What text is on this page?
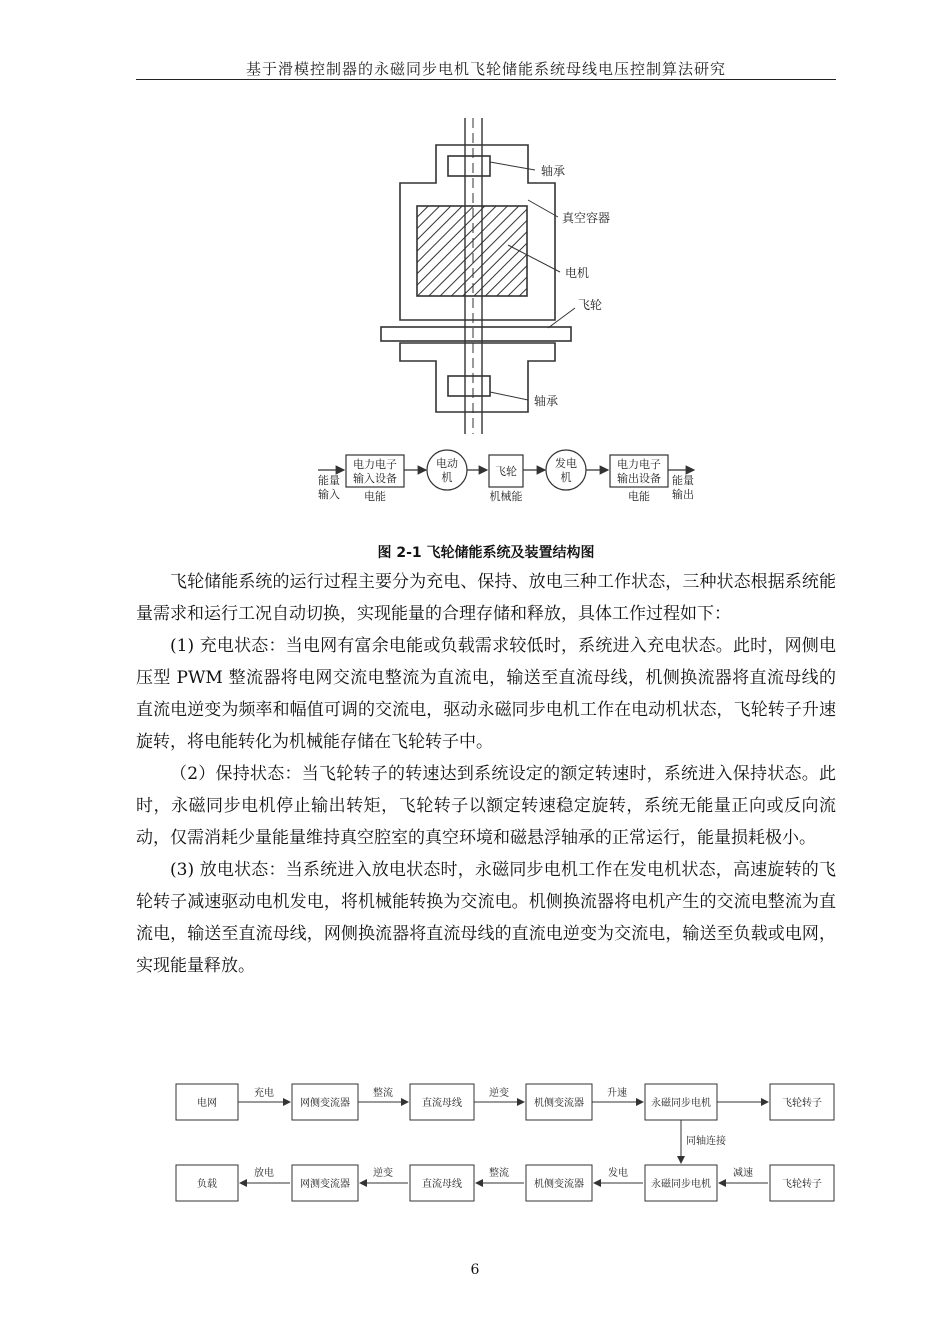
基于滑模控制器的永磁同步电机飞轮储能系统母线电压控制算法研究
轴承
真空容器
电机
飞轮
轴承
能量
输入
电力电子
输入设备
电能
电动
机	飞轮
机械能
发电
机
电力电子
输出设备
电能
能量
输出
图 2-1 飞轮储能系统及装置结构图

飞轮储能系统的运行过程主要分为充电、保持、放电三种工作状态，三种状态根据系统能量需求和运行工况自动切换，实现能量的合理存储和释放，具体工作过程如下：

(1) 充电状态：当电网有富余电能或负载需求较低时，系统进入充电状态。此时，网侧电压型 PWM 整流器将电网交流电整流为直流电，输送至直流母线，机侧换流器将直流母线的直流电逆变为频率和幅值可调的交流电，驱动永磁同步电机工作在电动机状态，飞轮转子升速旋转，将电能转化为机械能存储在飞轮转子中。

（2）保持状态：当飞轮转子的转速达到系统设定的额定转速时，系统进入保持状态。此时，永磁同步电机停止输出转矩，飞轮转子以额定转速稳定旋转，系统无能量正向或反向流动，仅需消耗少量能量维持真空腔室的真空环境和磁悬浮轴承的正常运行，能量损耗极小。

(3) 放电状态：当系统进入放电状态时，永磁同步电机工作在发电机状态，高速旋转的飞轮转子减速驱动电机发电，将机械能转换为交流电。机侧换流器将电机产生的交流电整流为直流电，输送至直流母线，网侧换流器将直流母线的直流电逆变为交流电，输送至负载或电网，实现能量释放。

电网	网侧变流器	直流母线	机侧变流器	永磁同步电机	飞轮转子
充电	整流	逆变	升速
同轴连接
负载	网测变流器	直流母线	机侧变流器	永磁同步电机	飞轮转子
放电	逆变	整流	发电	减速
6
